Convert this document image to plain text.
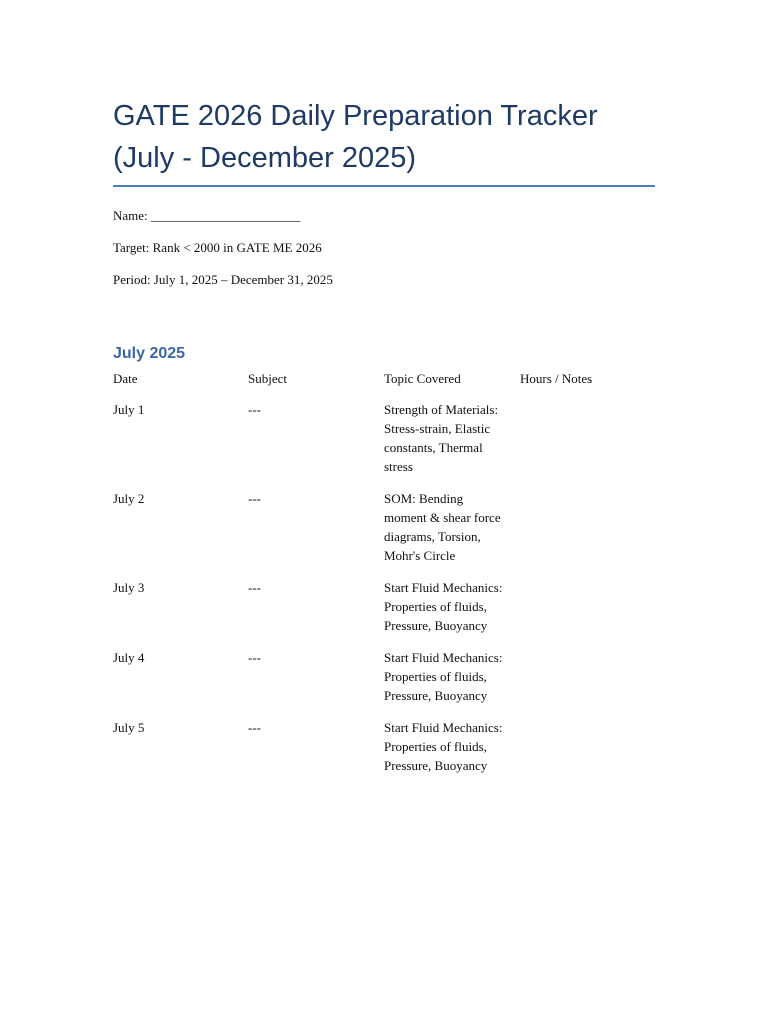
GATE 2026 Daily Preparation Tracker (July - December 2025)

Name: _______________________

Target: Rank < 2000 in GATE ME 2026

Period: July 1, 2025 – December 31, 2025

July 2025
Date	Subject	Topic Covered	Hours / Notes
July 1	---	Strength of Materials: Stress-strain, Elastic constants, Thermal stress
July 2	---	SOM: Bending moment & shear force diagrams, Torsion, Mohr's Circle
July 3	---	Start Fluid Mechanics: Properties of fluids, Pressure, Buoyancy
July 4	---	Start Fluid Mechanics: Properties of fluids, Pressure, Buoyancy
July 5	---	Start Fluid Mechanics: Properties of fluids, Pressure, Buoyancy
